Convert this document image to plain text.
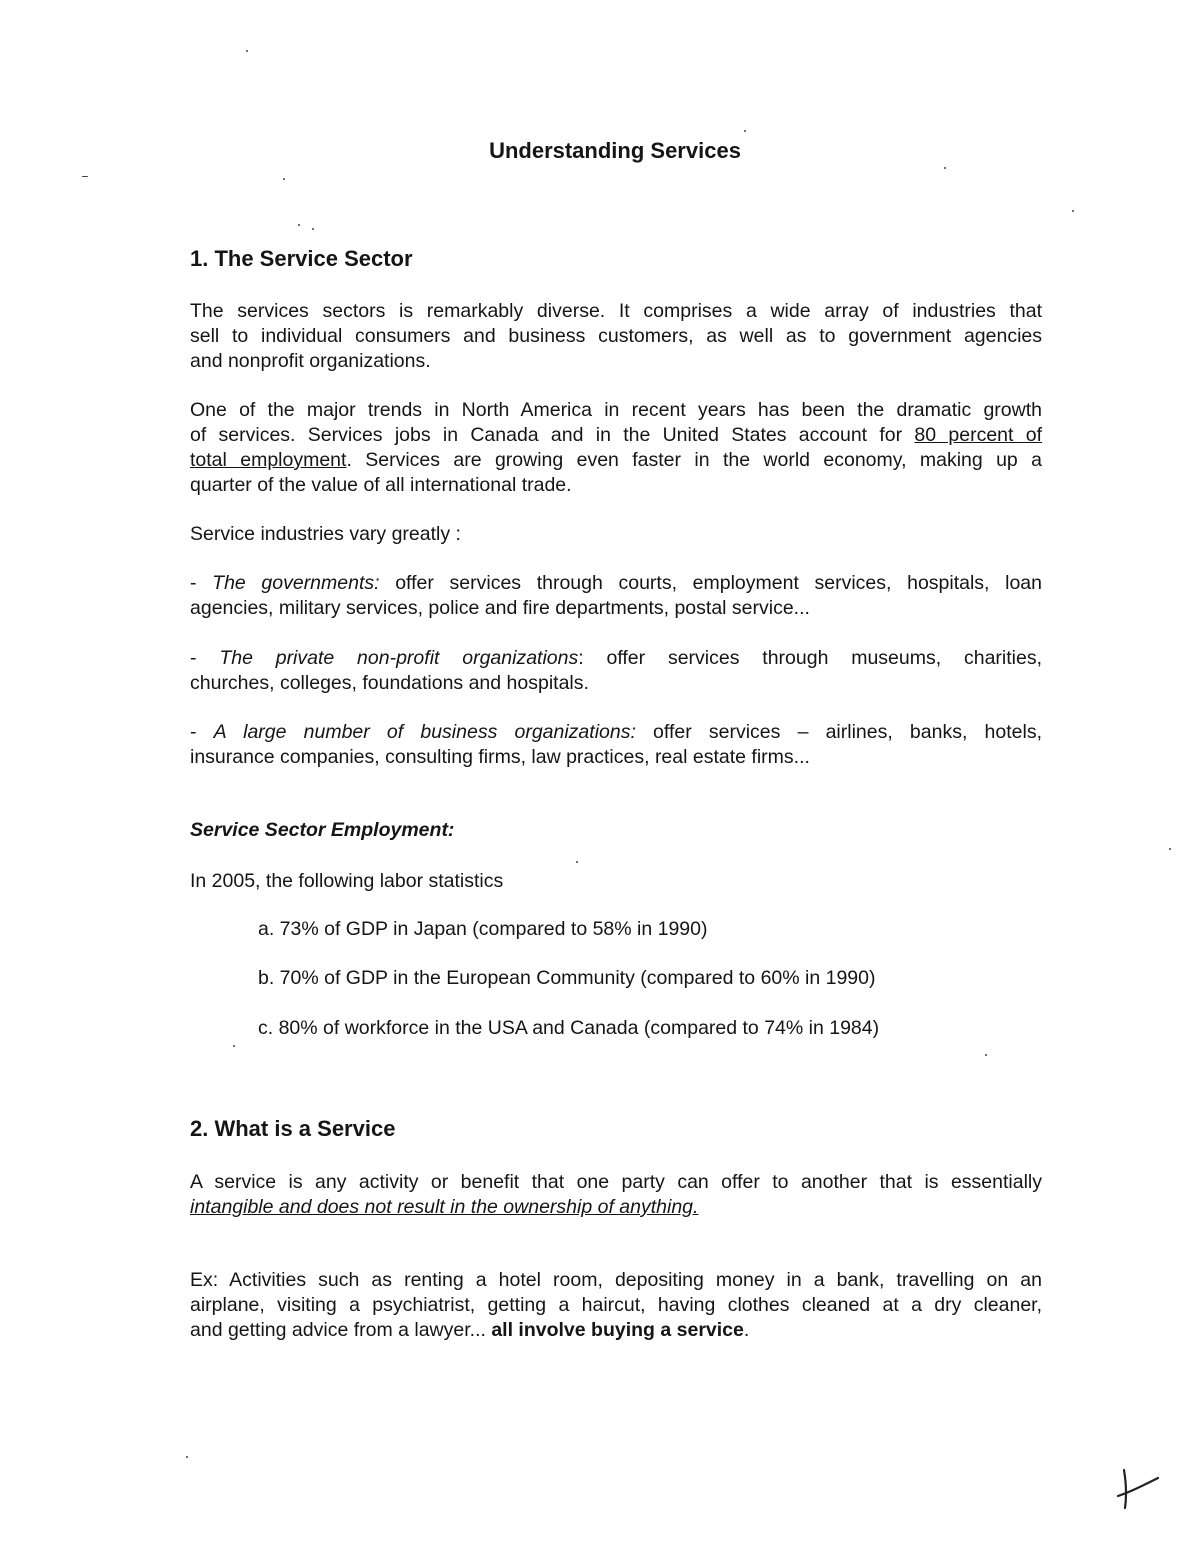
Understanding Services
1. The Service Sector
The services sectors is remarkably diverse. It comprises a wide array of industries that
sell to individual consumers and business customers, as well as to government agencies
and nonprofit organizations.
One of the major trends in North America in recent years has been the dramatic growth
of services. Services jobs in Canada and in the United States account for 80 percent of
total employment. Services are growing even faster in the world economy, making up a
quarter of the value of all international trade.

Service industries vary greatly :

- The governments: offer services through courts, employment services, hospitals, loan
agencies, military services, police and fire departments, postal service...
- The private non-profit organizations: offer services through museums, charities,
churches, colleges, foundations and hospitals.
- A large number of business organizations: offer services – airlines, banks, hotels,
insurance companies, consulting firms, law practices, real estate firms...
Service Sector Employment:

In 2005, the following labor statistics

a. 73% of GDP in Japan (compared to 58% in 1990)

b. 70% of GDP in the European Community (compared to 60% in 1990)

c. 80% of workforce in the USA and Canada (compared to 74% in 1984)

2. What is a Service
A service is any activity or benefit that one party can offer to another that is essentially
intangible and does not result in the ownership of anything.
Ex: Activities such as renting a hotel room, depositing money in a bank, travelling on an
airplane, visiting a psychiatrist, getting a haircut, having clothes cleaned at a dry cleaner,
and getting advice from a lawyer... all involve buying a service.
